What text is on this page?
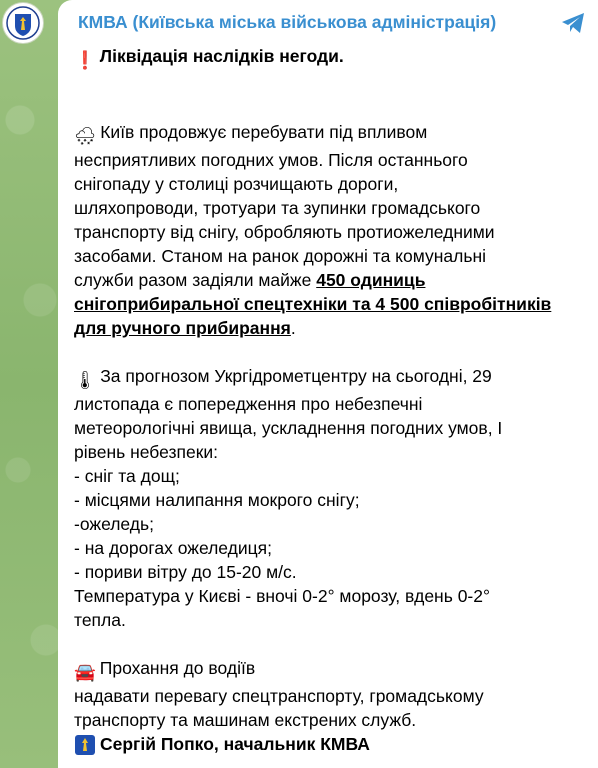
КМВА (Київська міська військова адміністрація)
❗ Ліквідація наслідків негоди.
🌨 Київ продовжує перебувати під впливом
несприятливих погодних умов. Після останнього
снігопаду у столиці розчищають дороги,
шляхопроводи, тротуари та зупинки громадського
транспорту від снігу, обробляють протиожеледними
засобами. Станом на ранок дорожні та комунальні
служби разом задіяли майже 450 одиниць
снігоприбиральної спецтехніки та 4 500 співробітників
для ручного прибирання.
🌡 За прогнозом Укргідрометцентру на сьогодні, 29
листопада є попередження про небезпечні
метеорологічні явища, ускладнення погодних умов, І
рівень небезпеки:
- сніг та дощ;
- місцями налипання мокрого снігу;
-ожеледь;
- на дорогах ожеледиця;
- пориви вітру до 15-20 м/с.
Температура у Києві - вночі 0-2° морозу, вдень 0-2°
тепла.
🚘 Прохання до водіїв
надавати перевагу спецтранспорту, громадському
транспорту та машинам екстрених служб.
Сергій Попко, начальник КМВА
